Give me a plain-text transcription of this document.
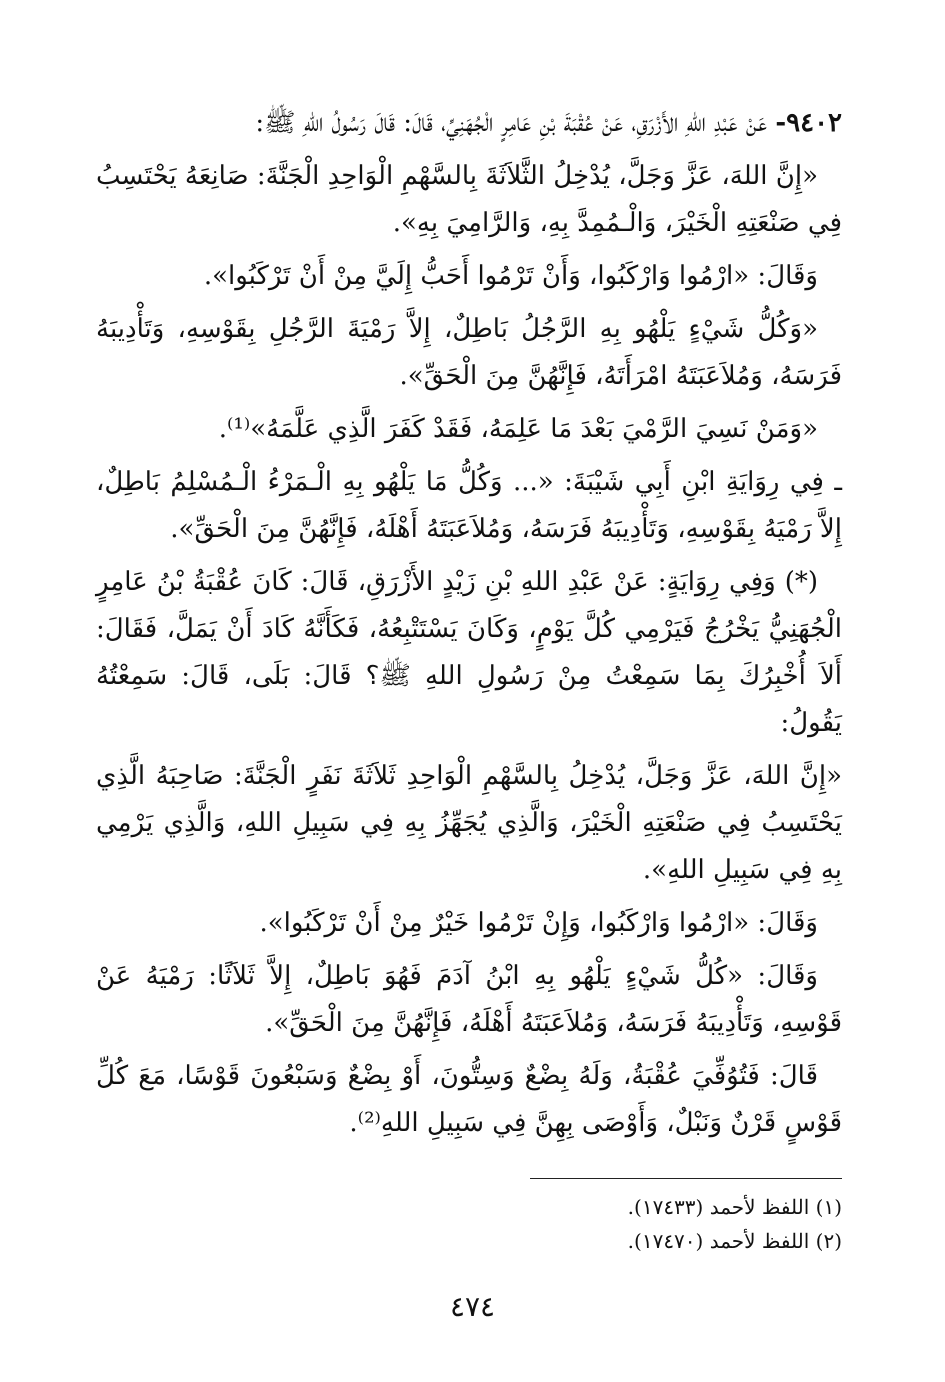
٩٤٠٢- عَنْ عَبْدِ اللهِ الأَزْرَقِ، عَنْ عُقْبَةَ بْنِ عَامِرٍ الْجُهَنِيِّ، قَالَ: قَالَ رَسُولُ اللهِ ﷺ:

«إِنَّ اللهَ، عَزَّ وَجَلَّ، يُدْخِلُ الثَّلاَثَةَ بِالسَّهْمِ الْوَاحِدِ الْجَنَّةَ: صَانِعَهُ يَحْتَسِبُ فِي صَنْعَتِهِ الْخَيْرَ، وَالْـمُمِدَّ بِهِ، وَالرَّامِيَ بِهِ».

وَقَالَ: «ارْمُوا وَارْكَبُوا، وَأَنْ تَرْمُوا أَحَبُّ إِلَيَّ مِنْ أَنْ تَرْكَبُوا».

«وَكُلُّ شَيْءٍ يَلْهُو بِهِ الرَّجُلُ بَاطِلٌ، إِلاَّ رَمْيَةَ الرَّجُلِ بِقَوْسِهِ، وَتَأْدِيبَهُ فَرَسَهُ، وَمُلاَعَبَتَهُ امْرَأَتَهُ، فَإِنَّهُنَّ مِنَ الْحَقِّ».

«وَمَنْ نَسِيَ الرَّمْيَ بَعْدَ مَا عَلِمَهُ، فَقَدْ كَفَرَ الَّذِي عَلَّمَهُ»⁽¹⁾.

ـ فِي رِوَايَةِ ابْنِ أَبِي شَيْبَةَ: «... وَكُلُّ مَا يَلْهُو بِهِ الْـمَرْءُ الْـمُسْلِمُ بَاطِلٌ، إِلاَّ رَمْيَهُ بِقَوْسِهِ، وَتَأْدِيبَهُ فَرَسَهُ، وَمُلاَعَبَتَهُ أَهْلَهُ، فَإِنَّهُنَّ مِنَ الْحَقِّ».

(*) وَفِي رِوَايَةٍ: عَنْ عَبْدِ اللهِ بْنِ زَيْدٍ الأَزْرَقِ، قَالَ: كَانَ عُقْبَةُ بْنُ عَامِرٍ الْجُهَنِيُّ يَخْرُجُ فَيَرْمِي كُلَّ يَوْمٍ، وَكَانَ يَسْتَتْبِعُهُ، فَكَأَنَّهُ كَادَ أَنْ يَمَلَّ، فَقَالَ: أَلاَ أُخْبِرُكَ بِمَا سَمِعْتُ مِنْ رَسُولِ اللهِ ﷺ؟ قَالَ: بَلَى، قَالَ: سَمِعْتُهُ يَقُولُ:

«إِنَّ اللهَ، عَزَّ وَجَلَّ، يُدْخِلُ بِالسَّهْمِ الْوَاحِدِ ثَلاَثَةَ نَفَرٍ الْجَنَّةَ: صَاحِبَهُ الَّذِي يَحْتَسِبُ فِي صَنْعَتِهِ الْخَيْرَ، وَالَّذِي يُجَهِّزُ بِهِ فِي سَبِيلِ اللهِ، وَالَّذِي يَرْمِي بِهِ فِي سَبِيلِ اللهِ».

وَقَالَ: «ارْمُوا وَارْكَبُوا، وَإِنْ تَرْمُوا خَيْرٌ مِنْ أَنْ تَرْكَبُوا».

وَقَالَ: «كُلُّ شَيْءٍ يَلْهُو بِهِ ابْنُ آدَمَ فَهُوَ بَاطِلٌ، إِلاَّ ثَلاَثًا: رَمْيَهُ عَنْ قَوْسِهِ، وَتَأْدِيبَهُ فَرَسَهُ، وَمُلاَعَبَتَهُ أَهْلَهُ، فَإِنَّهُنَّ مِنَ الْحَقِّ».

قَالَ: فَتُوُفِّيَ عُقْبَةُ، وَلَهُ بِضْعٌ وَسِتُّونَ، أَوْ بِضْعٌ وَسَبْعُونَ قَوْسًا، مَعَ كُلِّ قَوْسٍ قَرْنٌ وَنَبْلٌ، وَأَوْصَى بِهِنَّ فِي سَبِيلِ اللهِ⁽²⁾.

(١) اللفظ لأحمد (١٧٤٣٣).

(٢) اللفظ لأحمد (١٧٤٧٠).

٤٧٤
